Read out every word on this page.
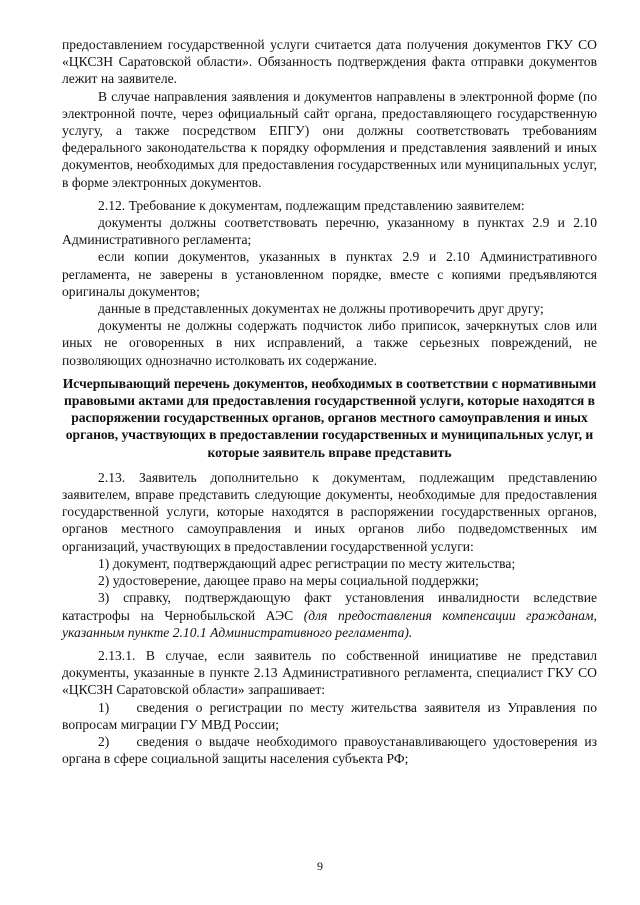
предоставлением государственной услуги считается дата получения документов ГКУ СО «ЦКСЗН Саратовской области». Обязанность подтверждения факта отправки документов лежит на заявителе.

В случае направления заявления и документов направлены в электронной форме (по электронной почте, через официальный сайт органа, предоставляющего государственную услугу, а также посредством ЕПГУ) они должны соответствовать требованиям федерального законодательства к порядку оформления и представления заявлений и иных документов, необходимых для предоставления государственных или муниципальных услуг, в форме электронных документов.

2.12. Требование к документам, подлежащим представлению заявителем:

документы должны соответствовать перечню, указанному в пунктах 2.9 и 2.10 Административного регламента;

если копии документов, указанных в пунктах 2.9 и 2.10 Административного регламента, не заверены в установленном порядке, вместе с копиями предъявляются оригиналы документов;

данные в представленных документах не должны противоречить друг другу;

документы не должны содержать подчисток либо приписок, зачеркнутых слов или иных не оговоренных в них исправлений, а также серьезных повреждений, не позволяющих однозначно истолковать их содержание.

Исчерпывающий перечень документов, необходимых в соответствии с нормативными правовыми актами для предоставления государственной услуги, которые находятся в распоряжении государственных органов, органов местного самоуправления и иных органов, участвующих в предоставлении государственных и муниципальных услуг, и которые заявитель вправе представить

2.13. Заявитель дополнительно к документам, подлежащим представлению заявителем, вправе представить следующие документы, необходимые для предоставления государственной услуги, которые находятся в распоряжении государственных органов, органов местного самоуправления и иных органов либо подведомственных им организаций, участвующих в предоставлении государственной услуги:

1) документ, подтверждающий адрес регистрации по месту жительства;

2) удостоверение, дающее право на меры социальной поддержки;

3) справку, подтверждающую факт установления инвалидности вследствие катастрофы на Чернобыльской АЭС (для предоставления компенсации гражданам, указанным пункте 2.10.1 Административного регламента).

2.13.1. В случае, если заявитель по собственной инициативе не представил документы, указанные в пункте 2.13 Административного регламента, специалист ГКУ СО «ЦКСЗН Саратовской области» запрашивает:

1)   сведения о регистрации по месту жительства заявителя из Управления по вопросам миграции ГУ МВД России;

2)   сведения о выдаче необходимого правоустанавливающего удостоверения из органа в сфере социальной защиты населения субъекта РФ;

9
